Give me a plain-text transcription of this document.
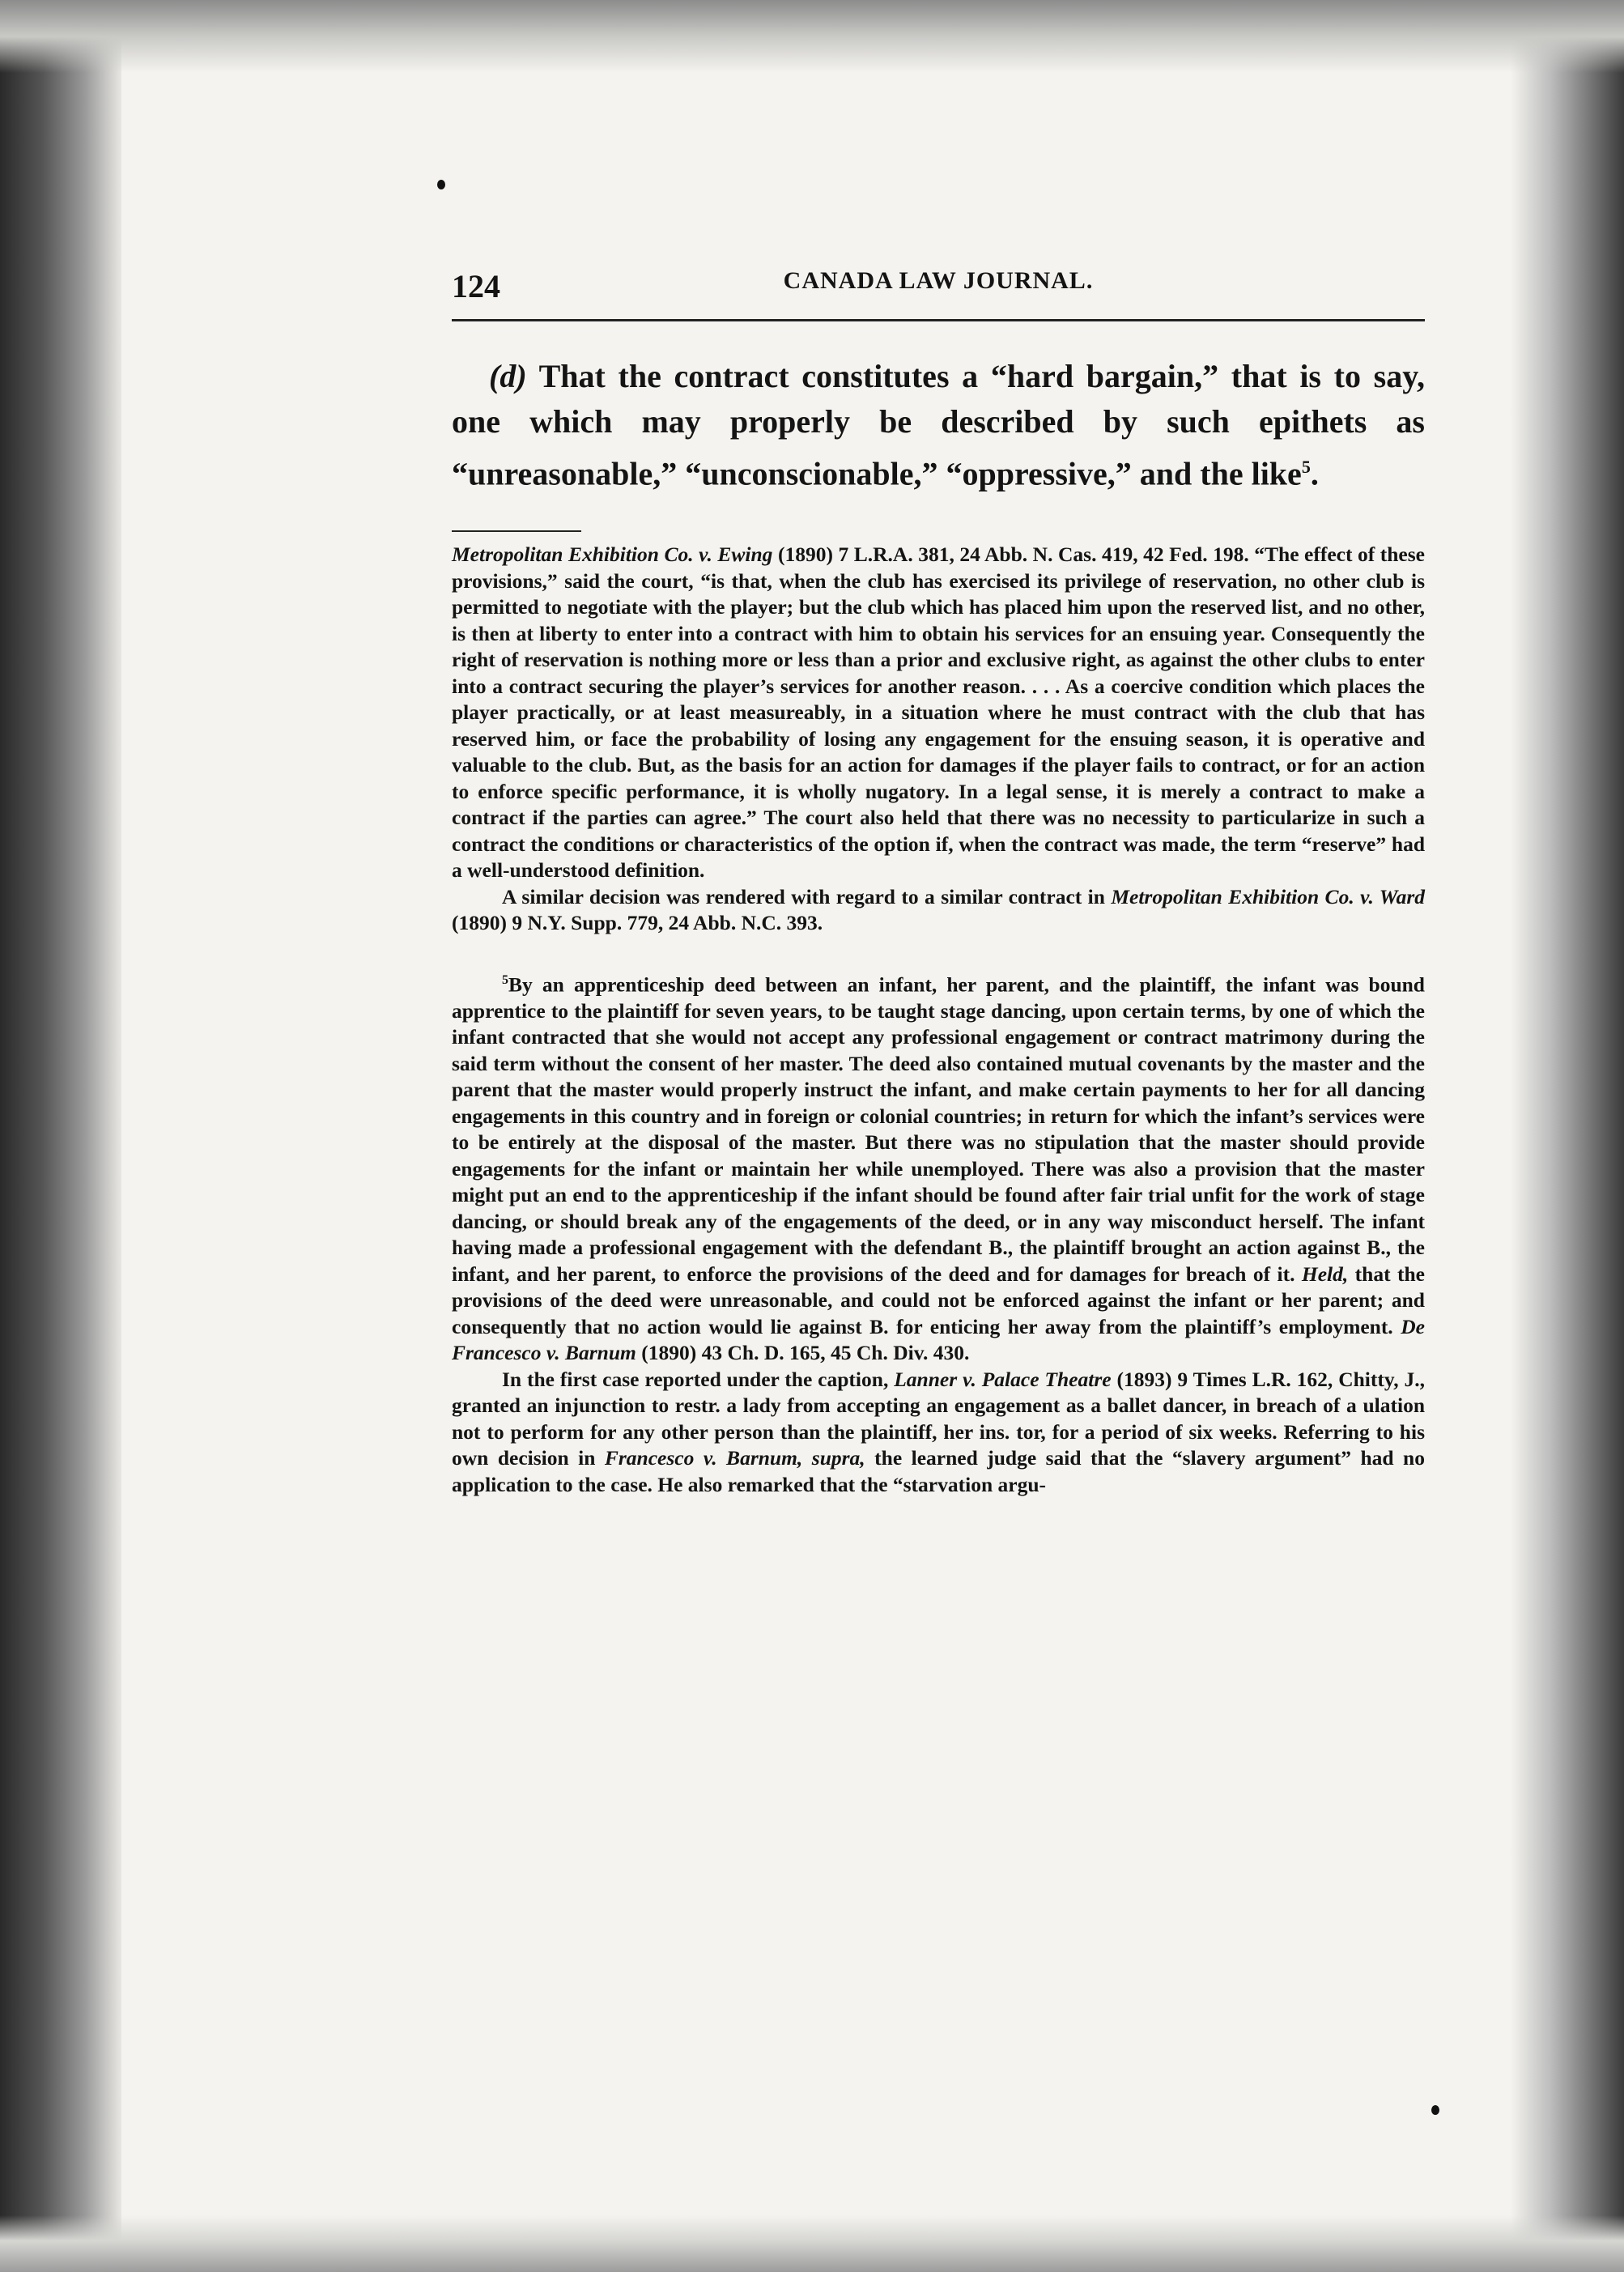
124	CANADA LAW JOURNAL.

(d) That the contract constitutes a “hard bargain,” that is to say, one which may properly be described by such epithets as “unreasonable,” “unconscionable,” “oppressive,” and the like$^5$.

Metropolitan Exhibition Co. v. Ewing (1890) 7 L.R.A. 381, 24 Abb. N. Cas. 419, 42 Fed. 198. “The effect of these provisions,” said the court, “is that, when the club has exercised its privilege of reservation, no other club is permitted to negotiate with the player; but the club which has placed him upon the reserved list, and no other, is then at liberty to enter into a contract with him to obtain his services for an ensuing year. Consequently the right of reservation is nothing more or less than a prior and exclusive right, as against the other clubs to enter into a contract securing the player’s services for another reason. . . . As a coercive condition which places the player practically, or at least measureably, in a situation where he must contract with the club that has reserved him, or face the probability of losing any engagement for the ensuing season, it is operative and valuable to the club. But, as the basis for an action for damages if the player fails to contract, or for an action to enforce specific performance, it is wholly nugatory. In a legal sense, it is merely a contract to make a contract if the parties can agree.” The court also held that there was no necessity to particularize in such a contract the conditions or characteristics of the option if, when the contract was made, the term “reserve” had a well-understood definition.

A similar decision was rendered with regard to a similar contract in Metropolitan Exhibition Co. v. Ward (1890) 9 N.Y. Supp. 779, 24 Abb. N.C. 393.

$^5$By an apprenticeship deed between an infant, her parent, and the plaintiff, the infant was bound apprentice to the plaintiff for seven years, to be taught stage dancing, upon certain terms, by one of which the infant contracted that she would not accept any professional engagement or contract matrimony during the said term without the consent of her master. The deed also contained mutual covenants by the master and the parent that the master would properly instruct the infant, and make certain payments to her for all dancing engagements in this country and in foreign or colonial countries; in return for which the infant’s services were to be entirely at the disposal of the master. But there was no stipulation that the master should provide engagements for the infant or maintain her while unemployed. There was also a provision that the master might put an end to the apprenticeship if the infant should be found after fair trial unfit for the work of stage dancing, or should break any of the engagements of the deed, or in any way misconduct herself. The infant having made a professional engagement with the defendant B., the plaintiff brought an action against B., the infant, and her parent, to enforce the provisions of the deed and for damages for breach of it. Held, that the provisions of the deed were unreasonable, and could not be enforced against the infant or her parent; and consequently that no action would lie against B. for enticing her away from the plaintiff’s employment. De Francesco v. Barnum (1890) 43 Ch. D. 165, 45 Ch. Div. 430.

In the first case reported under the caption, Lanner v. Palace Theatre (1893) 9 Times L.R. 162, Chitty, J., granted an injunction to restr. a lady from accepting an engagement as a ballet dancer, in breach of a ulation not to perform for any other person than the plaintiff, her ins. tor, for a period of six weeks. Referring to his own decision in Francesco v. Barnum, supra, the learned judge said that the “slavery argument” had no application to the case. He also remarked that the “starvation argu-
